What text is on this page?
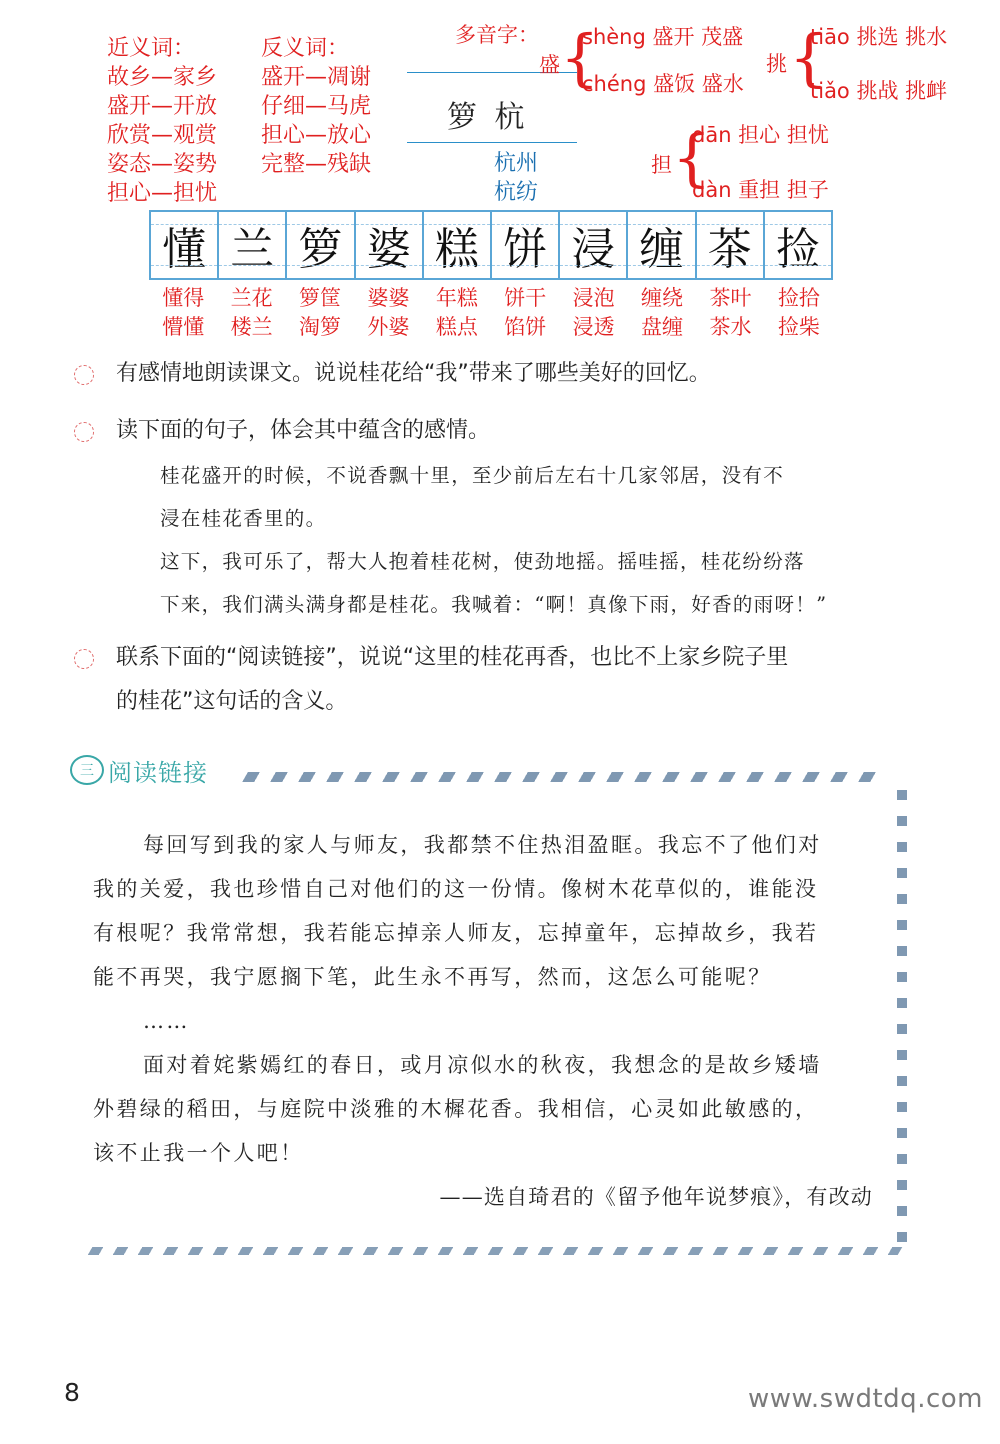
近义词：
故乡—家乡
盛开—开放
欣赏—观赏
姿态—姿势
担心—担忧
反义词：
盛开—凋谢
仔细—马虎
担心—放心
完整—残缺
箩 杭
杭州
杭纺
多音字：
盛 {
shèng 盛开 茂盛
chéng 盛饭 盛水
挑 {
tiāo 挑选 挑水
tiǎo 挑战 挑衅
担 {
dān 担心 担忧
dàn 重担 担子
懂 兰 箩 婆 糕 饼 浸 缠 茶 捡
懂得
懵懂
兰花
楼兰
箩筐
淘箩
婆婆
外婆
年糕
糕点
饼干
馅饼
浸泡
浸透
缠绕
盘缠
茶叶
茶水
捡拾
捡柴
有感情地朗读课文。说说桂花给“我”带来了哪些美好的回忆。
读下面的句子，体会其中蕴含的感情。
桂花盛开的时候，不说香飘十里，至少前后左右十几家邻居，没有不
浸在桂花香里的。
这下，我可乐了，帮大人抱着桂花树，使劲地摇。摇哇摇，桂花纷纷落
下来，我们满头满身都是桂花。我喊着：“啊！真像下雨，好香的雨呀！”
联系下面的“阅读链接”，说说“这里的桂花再香，也比不上家乡院子里
的桂花”这句话的含义。
三 阅读链接
每回写到我的家人与师友，我都禁不住热泪盈眶。我忘不了他们对
我的关爱，我也珍惜自己对他们的这一份情。像树木花草似的，谁能没
有根呢？我常常想，我若能忘掉亲人师友，忘掉童年，忘掉故乡，我若
能不再哭，我宁愿搁下笔，此生永不再写，然而，这怎么可能呢？
……
面对着姹紫嫣红的春日，或月凉似水的秋夜，我想念的是故乡矮墙
外碧绿的稻田，与庭院中淡雅的木樨花香。我相信，心灵如此敏感的，
该不止我一个人吧！
——选自琦君的《留予他年说梦痕》，有改动
8	www.swdtdq.com
